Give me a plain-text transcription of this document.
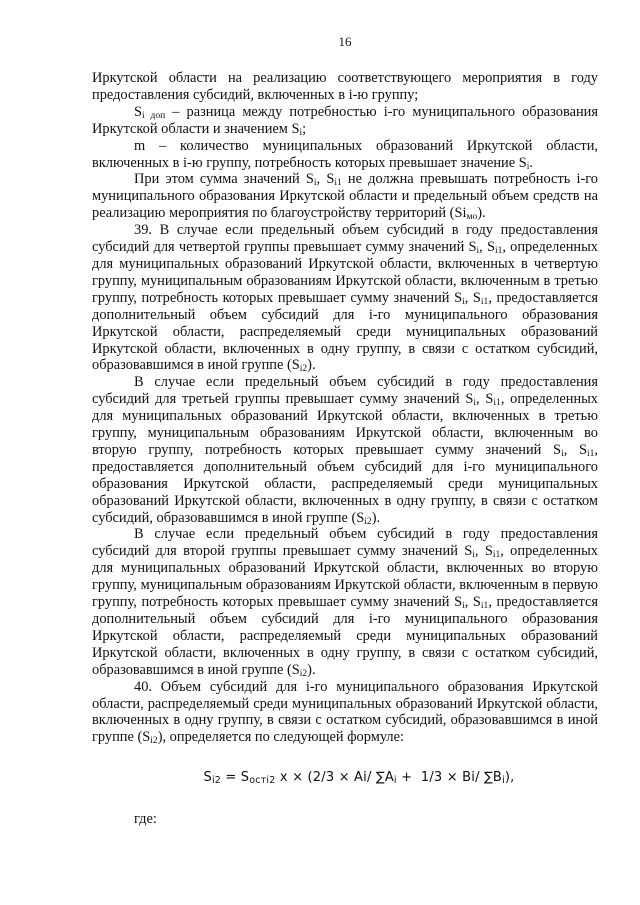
16

Иркутской области на реализацию соответствующего мероприятия в году предоставления субсидий, включенных в i-ю группу;

$S_{i доп}$ – разница между потребностью i-го муниципального образования Иркутской области и значением $S_i$;

m – количество муниципальных образований Иркутской области, включенных в i-ю группу, потребность которых превышает значение $S_i$.

При этом сумма значений $S_i$, $S_{i1}$ не должна превышать потребность i-го муниципального образования Иркутской области и предельный объем средств на реализацию мероприятия по благоустройству территорий $(Si_{мо})$.

39. В случае если предельный объем субсидий в году предоставления субсидий для четвертой группы превышает сумму значений $S_i$, $S_{i1}$, определенных для муниципальных образований Иркутской области, включенных в четвертую группу, муниципальным образованиям Иркутской области, включенным в третью группу, потребность которых превышает сумму значений $S_i$, $S_{i1}$, предоставляется дополнительный объем субсидий для i-го муниципального образования Иркутской области, распределяемый среди муниципальных образований Иркутской области, включенных в одну группу, в связи с остатком субсидий, образовавшимся в иной группе $(S_{i2})$.

В случае если предельный объем субсидий в году предоставления субсидий для третьей группы превышает сумму значений $S_i$, $S_{i1}$, определенных для муниципальных образований Иркутской области, включенных в третью группу, муниципальным образованиям Иркутской области, включенным во вторую группу, потребность которых превышает сумму значений $S_i$, $S_{i1}$, предоставляется дополнительный объем субсидий для i-го муниципального образования Иркутской области, распределяемый среди муниципальных образований Иркутской области, включенных в одну группу, в связи с остатком субсидий, образовавшимся в иной группе $(S_{i2})$.

В случае если предельный объем субсидий в году предоставления субсидий для второй группы превышает сумму значений $S_i$, $S_{i1}$, определенных для муниципальных образований Иркутской области, включенных во вторую группу, муниципальным образованиям Иркутской области, включенным в первую группу, потребность которых превышает сумму значений $S_i$, $S_{i1}$, предоставляется дополнительный объем субсидий для i-го муниципального образования Иркутской области, распределяемый среди муниципальных образований Иркутской области, включенных в одну группу, в связи с остатком субсидий, образовавшимся в иной группе $(S_{i2})$.

40. Объем субсидий для i-го муниципального образования Иркутской области, распределяемый среди муниципальных образований Иркутской области, включенных в одну группу, в связи с остатком субсидий, образовавшимся в иной группе $(S_{i2})$, определяется по следующей формуле:

$S_{i2} = S_{остi2}$ x × (2/3 × Ai/ $\sum A_i + 1/3 \times Bi/$ $\sum B_i$),

где:
